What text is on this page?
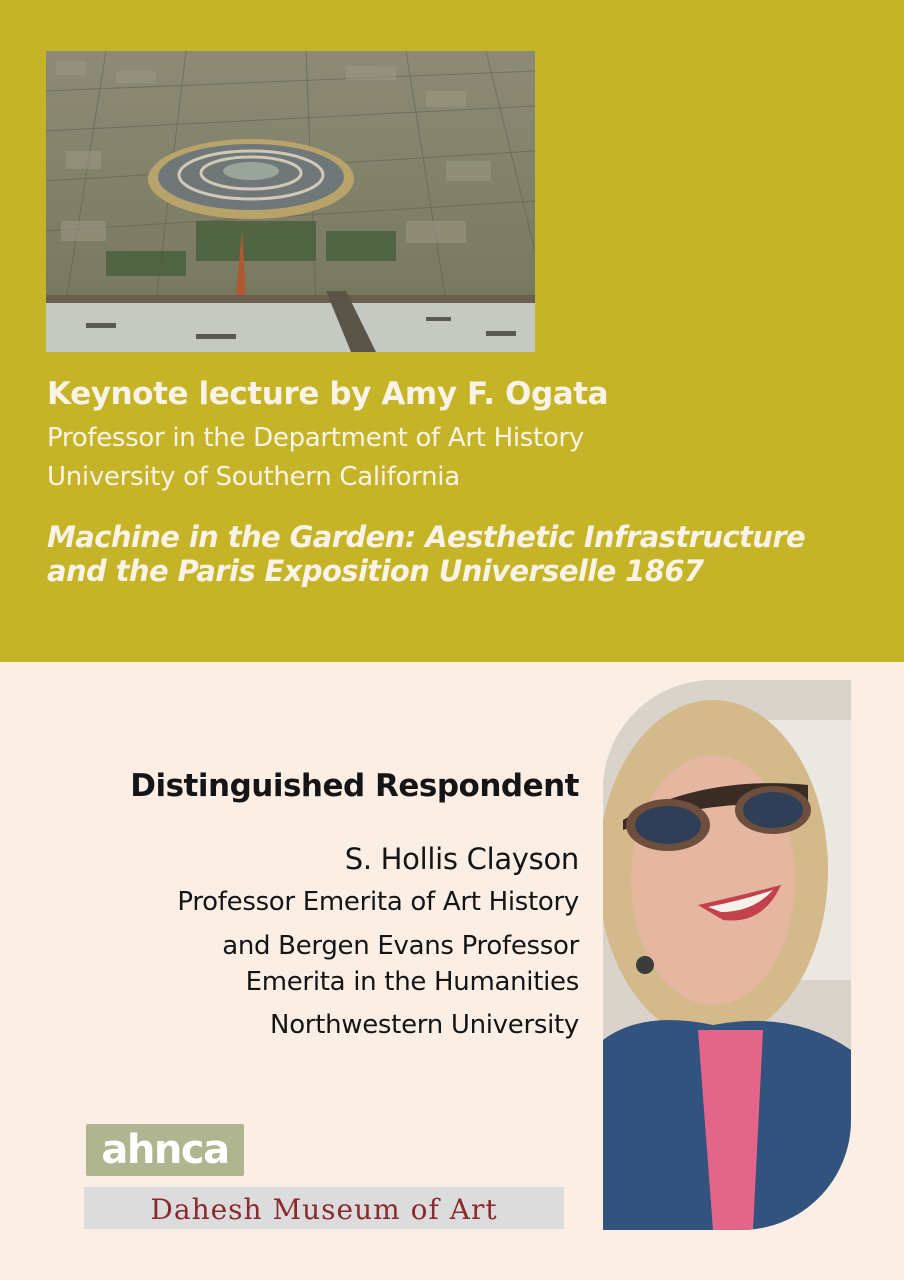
Keynote lecture by Amy F. Ogata

Professor in the Department of Art History

University of Southern California

Machine in the Garden: Aesthetic Infrastructure and the Paris Exposition Universelle 1867

Distinguished Respondent

S. Hollis Clayson

Professor Emerita of Art History

and Bergen Evans Professor

Emerita in the Humanities

Northwestern University

ahnca
Dahesh Museum of Art
